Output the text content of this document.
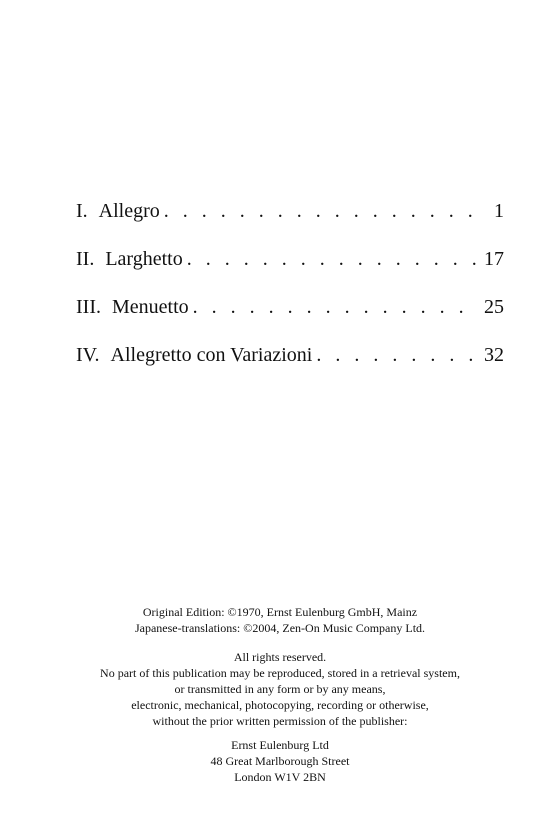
I. Allegro . . .	1
II. Larghetto . . .	17
III. Menuetto . . .	25
IV. Allegretto con Variazioni . . .	32

Original Edition: ©1970, Ernst Eulenburg GmbH, Mainz

Japanese-translations: ©2004, Zen-On Music Company Ltd.

All rights reserved.

No part of this publication may be reproduced, stored in a retrieval system,

or transmitted in any form or by any means,

electronic, mechanical, photocopying, recording or otherwise,

without the prior written permission of the publisher:

Ernst Eulenburg Ltd

48 Great Marlborough Street

London W1V 2BN
